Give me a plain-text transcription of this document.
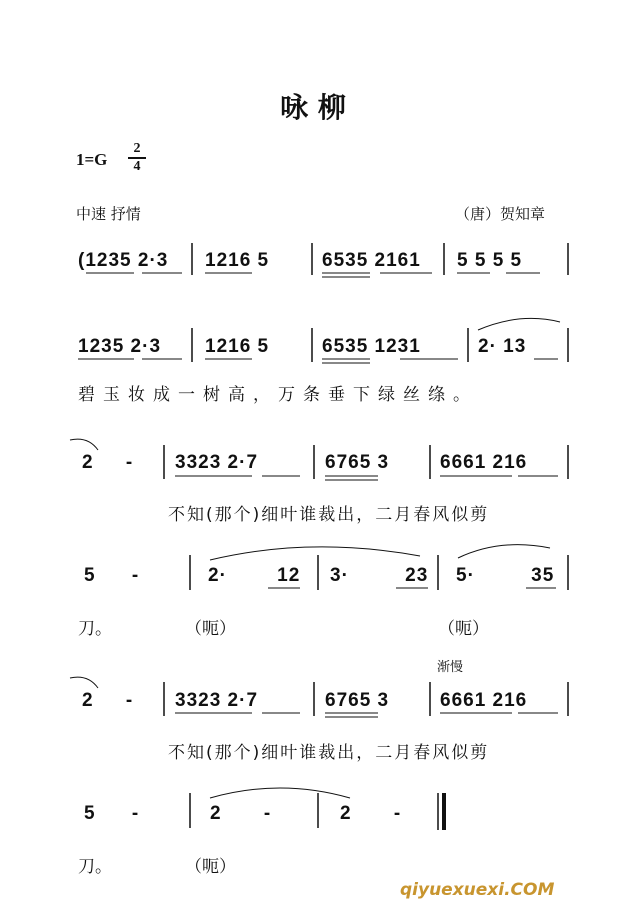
咏 柳
1=G
2
4
中速 抒情	（唐）贺知章
(1235 2·3 1216 5	6535 2161 5 5 5 5
1235 2·3 1216 5	6535 1231	2· 13
碧玉妆成一树高，万条垂下绿丝绦。
2 - 3323 2·7	6765 3	6661 216
不知(那个)细叶谁裁出，二月春风似剪
5 -	2· 12 3· 23 5· 35
刀。	（呃）	（呃）
渐慢
2 - 3323 2·7	6765 3	6661 216
不知(那个)细叶谁裁出，二月春风似剪
5 -	2 -	2 -
刀。	（呃）
qiyuexuexi.COM
